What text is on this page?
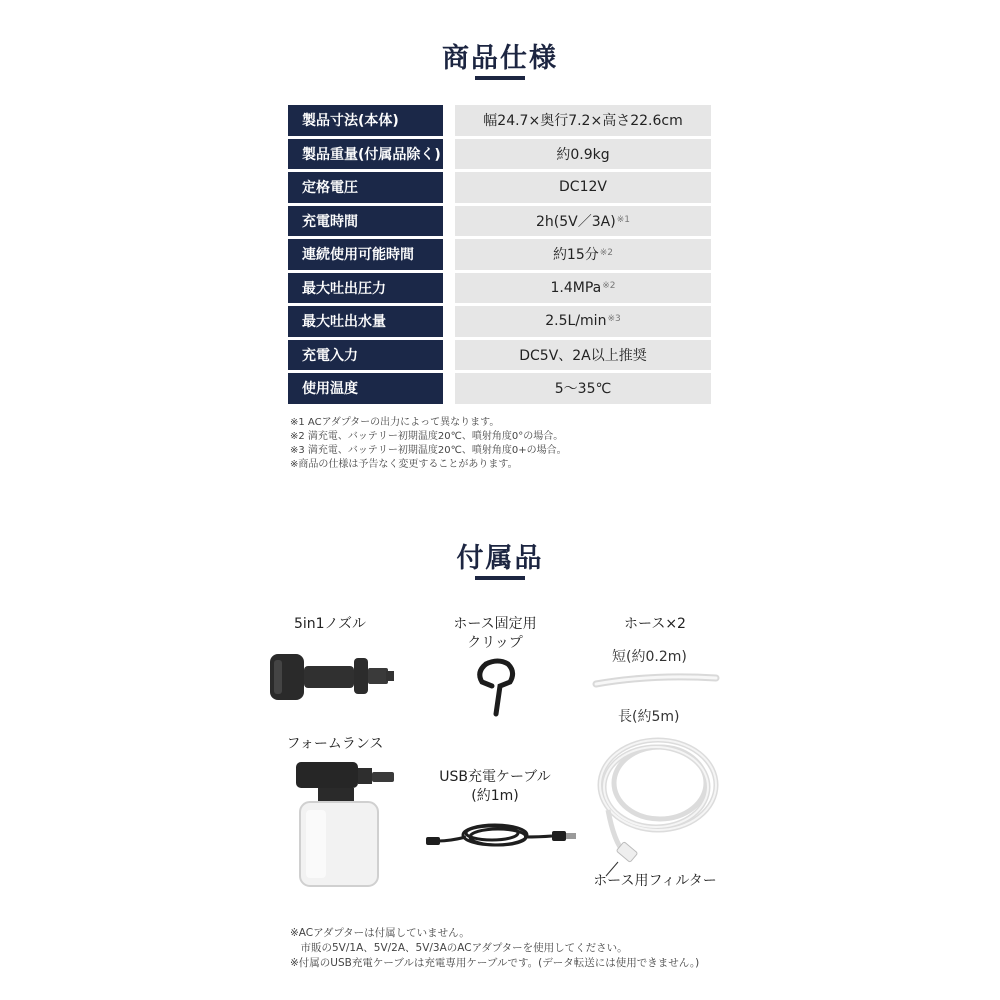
商品仕様
製品寸法(本体)		幅24.7×奥行7.2×高さ22.6cm
製品重量(付属品除く)		約0.9kg
定格電圧		DC12V
充電時間		2h(5V／3A)$^{※1}$
連続使用可能時間		約15分$^{※2}$
最大吐出圧力		1.4MPa$^{※2}$
最大吐出水量		$2.5L/\min^{※3}$
充電入力		DC5V、2A以上推奨
使用温度		5～35℃
※1 ACアダプターの出力によって異なります。
※2 満充電、バッテリー初期温度20℃、噴射角度0°の場合。
※3 満充電、バッテリー初期温度20℃、噴射角度0+の場合。
※商品の仕様は予告なく変更することがあります。
付属品
5in1ノズル	ホース固定用
クリップ
ホース×2
短(約0.2m)
長(約5m)
フォームランス
USB充電ケーブル
(約1m)
ホース用フィルター
※ACアダプターは付属していません。
　市販の5V/1A、5V/2A、5V/3AのACアダプターを使用してください。
※付属のUSB充電ケーブルは充電専用ケーブルです。(データ転送には使用できません。)
